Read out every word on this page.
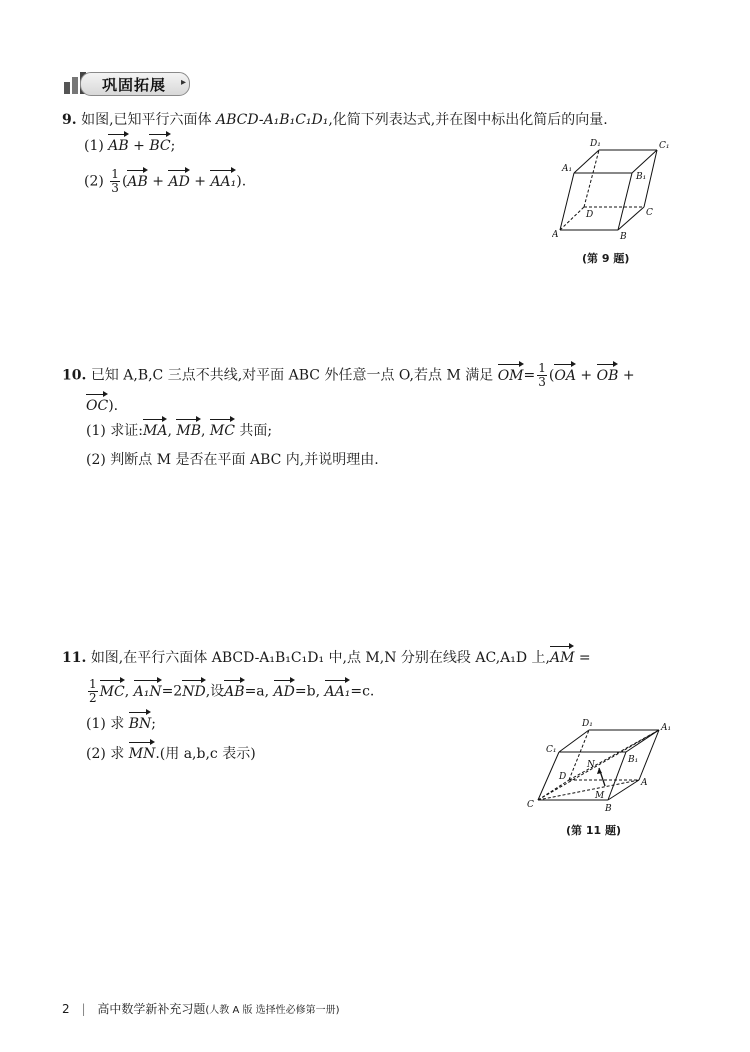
巩固拓展 ▸
9. 如图,已知平行六面体 ABCD-A₁B₁C₁D₁,化简下列表达式,并在图中标出化简后的向量.
(1) AB + BC;
$(2) \frac{1}{3} (AB$ + AD + AA₁).
D₁	C₁
A₁
B₁
D	C
A	B
(第 9 题)
10. 已知 A,B,C 三点不共线,对平面 ABC 外任意一点 O,若点 M 满足 $OM= \frac{1}{3} (OA$ + OB +
OC).
(1) 求证:MA, MB, MC 共面;
(2) 判断点 M 是否在平面 ABC 内,并说明理由.
11. 如图,在平行六面体 ABCD-A₁B₁C₁D₁ 中,点 M,N 分别在线段 AC,A₁D 上,AM =
$\frac{1}{2}$ MC, A₁N=2ND,设AB=a, AD=b, AA₁=c.
(1) 求 BN;
(2) 求 MN.(用 a,b,c 表示)
D₁	A₁
C₁
B₁
N
D
A
M
C	B
(第 11 题)
2 | 高中数学新补充习题(人教 A 版 选择性必修第一册)
